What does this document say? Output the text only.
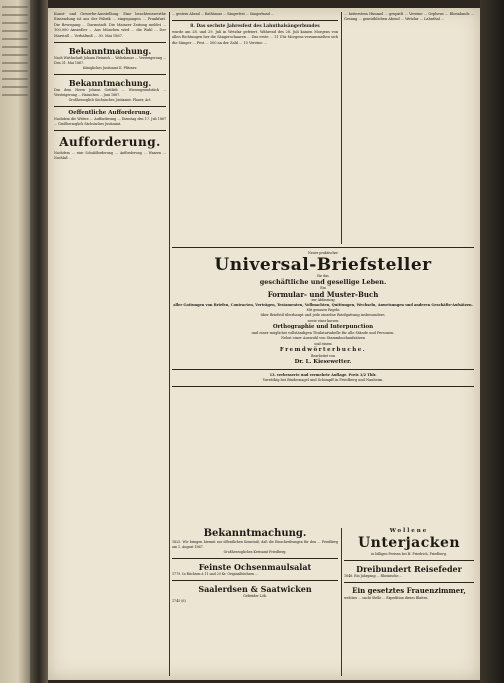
Kunst- und Gewerbe-Ausstellung. Eine beachtenswerthe Einsendung ist aus der Fabrik ... eingegangen ... Frankfurt. Die Bewegung ... Darmstadt. Die Mainzer Zeitung meldet ... 100,000 Ansiedler ... Aus München wird ... die Wahl ... Der Marstall ... Verhältniß ... 30. Mai 1867.
Bekanntmachung.
Nach Wirthschaft Johann Heinrich ... Wohnhause ... Versteigerung ... Den 31. Mai 1867.
Königliches Justizamt II. Pfitzner.
Bekanntmachung.
Das dem Herrn Johann Gottlieb ... Wiesengrundstück ... Versteigerung ... Hainichen ... Juni 1867.
Großherzoglich Sächsisches Justizamt. Planer, Act.
Oeffentliche Aufforderung.
Nachdem die Wittwe ... Aufforderung ... Dienstag den 17. Juli 1867 ... Großherzoglich Sächsisches Justizamt.
Aufforderung.
Nachdem ... eine Schuldforderung ... Aufforderung ... Waaren ... Nachlaß ...
... gestern Abend ... Rathhause ... Sängerfest ... Sängerbund ...
8. Das sechste Jahresfest des Lahnthalsängerbundes
wurde am 28. und 29. Juli in Wetzlar gefeiert. Während des 28. Juli kamen Morgens von allen Richtungen her die Sängerschaaren ... Das erste ... 11 Uhr Morgens versammelten sich die Sänger ... Fest ... 500 an der Zahl ... 15 Vereine ...
... heiterstem Himmel ... gespielt ... Vereine ... Orpheus ... Rheinlands ... Gesang ... gemüthlichen Abend ... Wetzlar ... Lahnthal ...
Neuer praktischer
Universal-Briefsteller
für das
geschäftliche und gesellige Leben.
Ein
Formular- und Muster-Buch
zur Abfassung
aller Gattungen von Briefen, Contracten, Verträgen, Testamenten, Vollmachten, Quittungen, Wechseln, Anweisungen und anderen Geschäfts-Aufsätzen.
Mit genauen Regeln
über Briefstil überhaupt und jede einzelne Briefgattung insbesondere,
sowie einer kurzen
Orthographie und Interpunction
und einer möglichst vollständigen Titulaturtabelle für alle Stände und Personen.
Nebst einer Auswahl von Stammbuchaufsätzen
und einem
Fremdwörterbuche.
Bearbeitet von
Dr. L. Kiesewetter.
13. verbesserte und vermehrte Auflage. Preis 1/2 Thlr.
Vorräthig bei Bindernagel und Schimpff in Friedberg und Nauheim.
Bekanntmachung.
1825. Wir bringen hiermit zur öffentlichen Kenntniß, daß die Einschreibungen für den ... Friedberg am 1. August 1867.
Großherzogliches Kreisamt Friedberg.
Feinste Ochsenmaulsalat
1779. In Büchsen à 11 und 20 Kr. Originalbüchsen ...
Saalerdsen & Saatwicken
Gebrüder Löb.
1745 (6)
Wollene
Unterjacken
in billigen Preisen bei H. Friedrich, Friedberg.
Dreibundert Reisefeder
1846. Ein Jahrgang ... Rheinische ...
Ein gesetztes Frauenzimmer,
welches ... sucht Stelle ... Expedition dieses Blattes.
